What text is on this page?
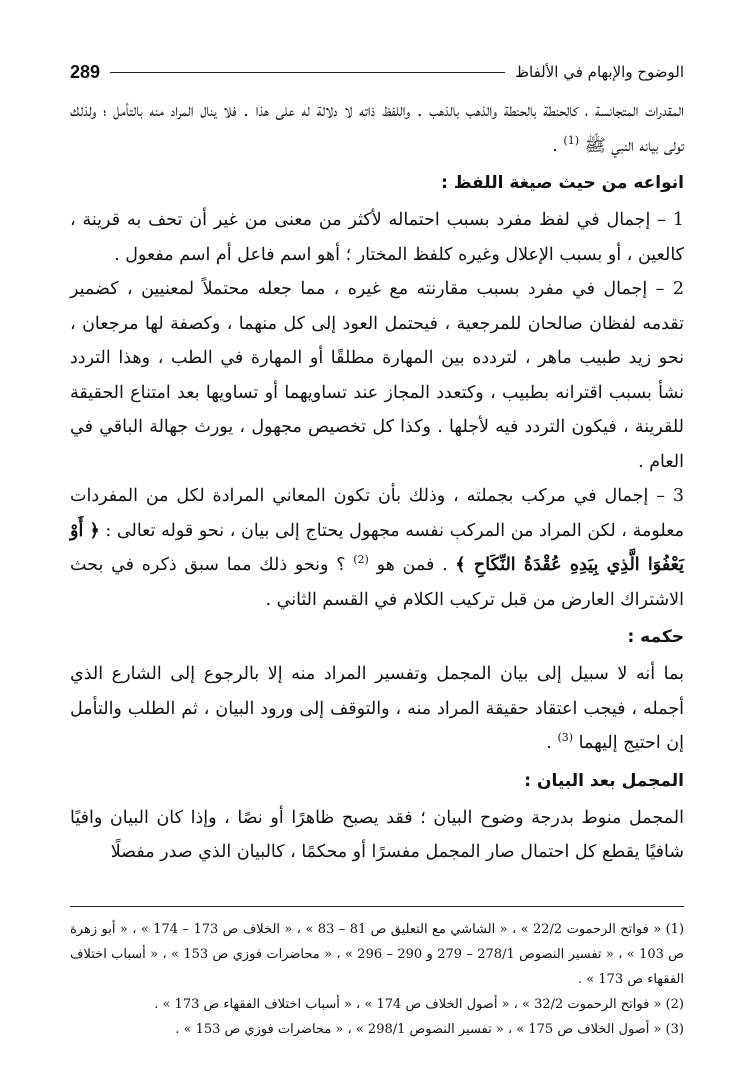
289	الوضوح والإبهام في الألفاظ

المقدرات المتجانسة ، كالحنطة بالحنطة والذهب بالذهب . واللفظ ذاته لا دلالة له على هذا . فلا ينال المراد منه بالتأمل ؛ ولذلك تولى بيانه النبي ﷺ $^{(1)}$ .

انواعه من حيث صيغة اللفظ :

1 – إجمال في لفظ مفرد بسبب احتماله لأكثر من معنى من غير أن تحف به قرينة ، كالعين ، أو بسبب الإعلال وغيره كلفظ المختار ؛ أهو اسم فاعل أم اسم مفعول .

2 – إجمال في مفرد بسبب مقارنته مع غيره ، مما جعله محتملاً لمعنيين ، كضمير تقدمه لفظان صالحان للمرجعية ، فيحتمل العود إلى كل منهما ، وكصفة لها مرجعان ، نحو زيد طبيب ماهر ، لتردده بين المهارة مطلقًا أو المهارة في الطب ، وهذا التردد نشأ بسبب اقترانه بطبيب ، وكتعدد المجاز عند تساويهما أو تساويها بعد امتناع الحقيقة للقرينة ، فيكون التردد فيه لأجلها . وكذا كل تخصيص مجهول ، يورث جهالة الباقي في العام .

3 – إجمال في مركب بجملته ، وذلك بأن تكون المعاني المرادة لكل من المفردات معلومة ، لكن المراد من المركب نفسه مجهول يحتاج إلى بيان ، نحو قوله تعالى : ﴿ أَوْ يَعْفُوَا الَّذِي بِيَدِهِ عُقْدَةُ النِّكَاحِ ﴾ . فمن هو $^{(2)}$ ؟ ونحو ذلك مما سبق ذكره في بحث الاشتراك العارض من قبل تركيب الكلام في القسم الثاني .

حكمه :

بما أنه لا سبيل إلى بيان المجمل وتفسير المراد منه إلا بالرجوع إلى الشارع الذي أجمله ، فيجب اعتقاد حقيقة المراد منه ، والتوقف إلى ورود البيان ، ثم الطلب والتأمل إن احتيج إليهما $^{(3)}$ .

المجمل بعد البيان :

المجمل منوط بدرجة وضوح البيان ؛ فقد يصبح ظاهرًا أو نصًا ، وإذا كان البيان وافيًا شافيًا يقطع كل احتمال صار المجمل مفسرًا أو محكمًا ، كالبيان الذي صدر مفصلًا

(1) « فواتح الرحموت 22/2 » ، « الشاشي مع التعليق ص 81 – 83 » ، « الخلاف ص 173 – 174 » ، « أبو زهرة ص 103 » ، « تفسير النصوص 278/1 – 279 و 290 – 296 » ، « محاضرات فوزي ص 153 » ، « أسباب اختلاف الفقهاء ص 173 » .

(2) « فواتح الرحموت 32/2 » ، « أصول الخلاف ص 174 » ، « أسباب اختلاف الفقهاء ص 173 » .

(3) « أصول الخلاف ص 175 » ، « تفسير النصوص 298/1 » ، « محاضرات فوزي ص 153 » .
